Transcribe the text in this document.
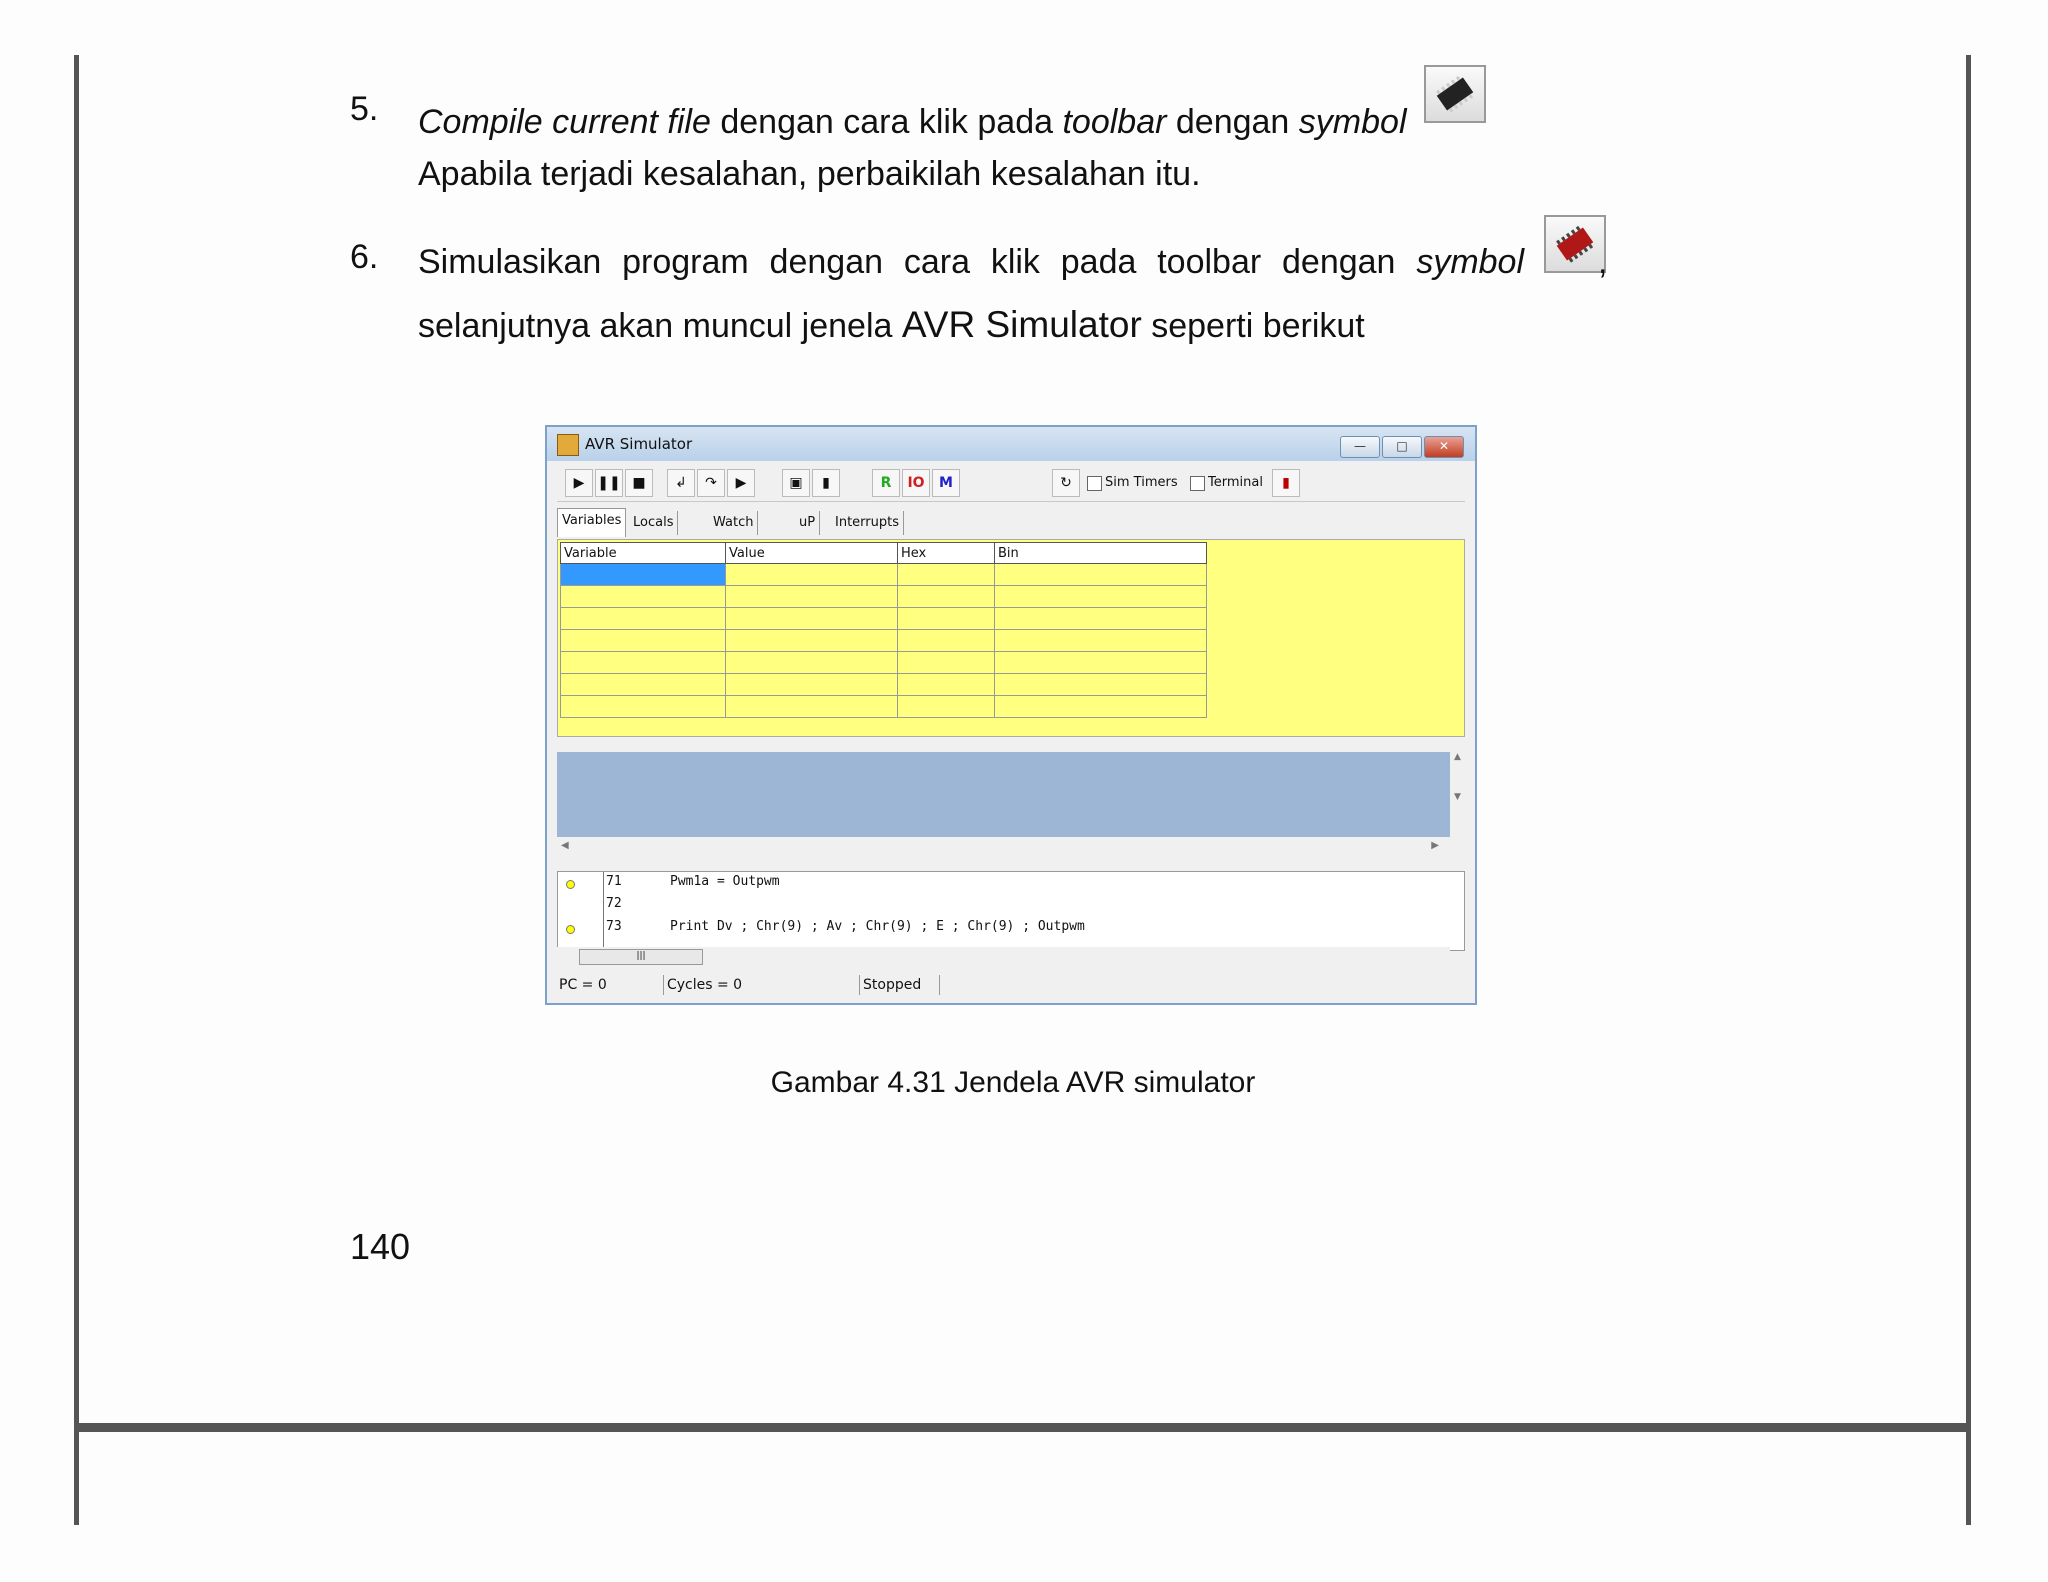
5. Compile current file dengan cara klik pada toolbar dengan symbol
Apabila terjadi kesalahan, perbaikilah kesalahan itu.
6. Simulasikan program dengan cara klik pada toolbar dengan symbol ,
selanjutnya akan muncul jenela AVR Simulator seperti berikut
AVR Simulator	—	□	✕
▶ ❚❚ ■	↲	↷	▶	▣	▮	R	IO	M	↻	Sim Timers Terminal	▮
Variables Locals	Watch	uP	Interrupts
Variable	Value	Hex	Bin

▲

▼
◀	▶
71	Pwm1a = Outpwm
72
73	Print Dv ; Chr(9) ; Av ; Chr(9) ; E ; Chr(9) ; Outpwm
|||
PC = 0	Cycles = 0	Stopped
Gambar 4.31 Jendela AVR simulator
140
